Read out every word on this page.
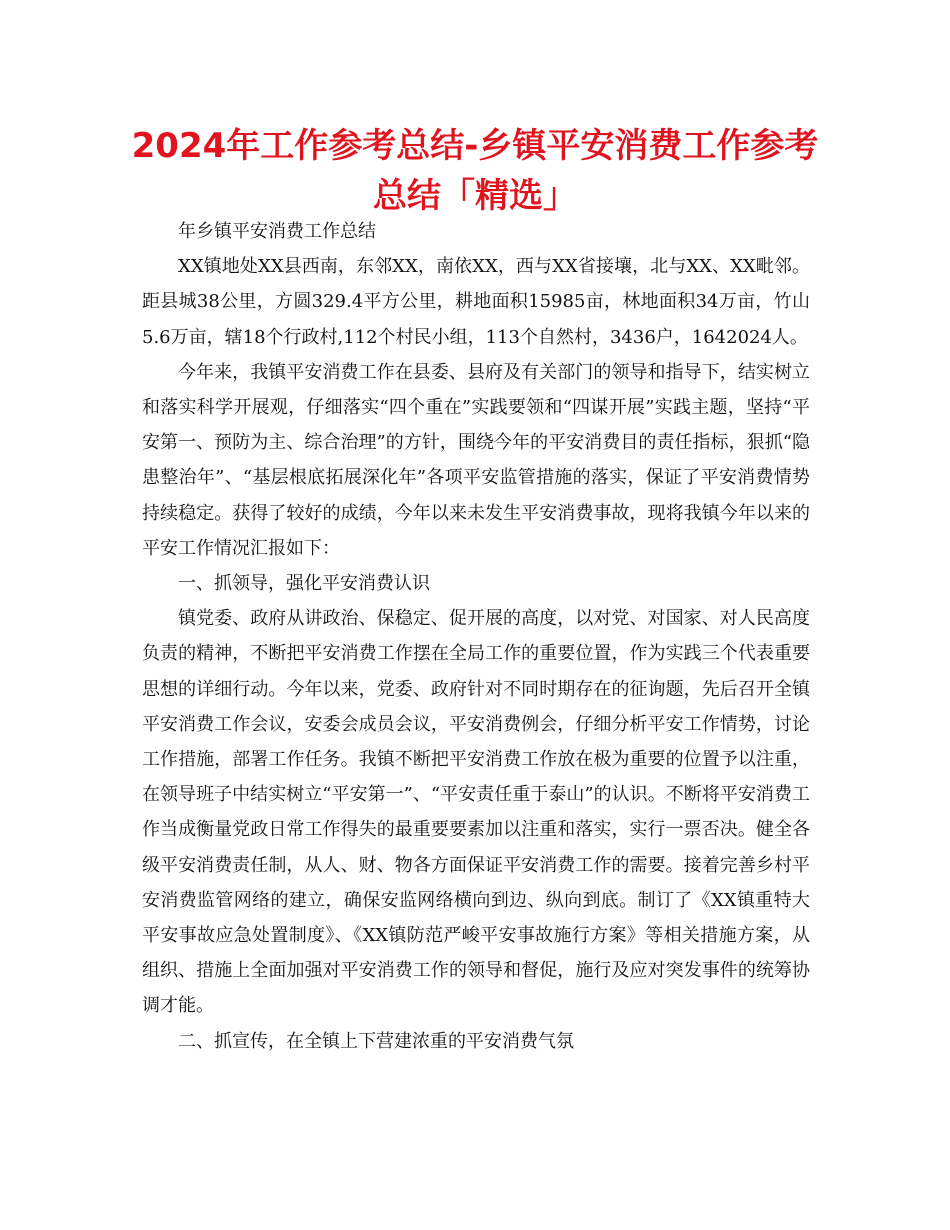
2024年工作参考总结-乡镇平安消费工作参考总结「精选」

年乡镇平安消费工作总结

XX镇地处XX县西南，东邻XX，南依XX，西与XX省接壤，北与XX、XX毗邻。距县城38公里，方圆329.4平方公里，耕地面积15985亩，林地面积34万亩，竹山5.6万亩，辖18个行政村,112个村民小组，113个自然村，3436户，1642024人。

今年来，我镇平安消费工作在县委、县府及有关部门的领导和指导下，结实树立和落实科学开展观，仔细落实“四个重在”实践要领和“四谋开展”实践主题，坚持“平安第一、预防为主、综合治理”的方针，围绕今年的平安消费目的责任指标，狠抓“隐患整治年”、“基层根底拓展深化年”各项平安监管措施的落实，保证了平安消费情势持续稳定。获得了较好的成绩，今年以来未发生平安消费事故，现将我镇今年以来的平安工作情况汇报如下：

一、抓领导，强化平安消费认识

镇党委、政府从讲政治、保稳定、促开展的高度，以对党、对国家、对人民高度负责的精神，不断把平安消费工作摆在全局工作的重要位置，作为实践三个代表重要思想的详细行动。今年以来，党委、政府针对不同时期存在的征询题，先后召开全镇平安消费工作会议，安委会成员会议，平安消费例会，仔细分析平安工作情势，讨论工作措施，部署工作任务。我镇不断把平安消费工作放在极为重要的位置予以注重，在领导班子中结实树立“平安第一”、“平安责任重于泰山”的认识。不断将平安消费工作当成衡量党政日常工作得失的最重要要素加以注重和落实，实行一票否决。健全各级平安消费责任制，从人、财、物各方面保证平安消费工作的需要。接着完善乡村平安消费监管网络的建立，确保安监网络横向到边、纵向到底。制订了《XX镇重特大平安事故应急处置制度》、《XX镇防范严峻平安事故施行方案》等相关措施方案，从组织、措施上全面加强对平安消费工作的领导和督促，施行及应对突发事件的统筹协调才能。

二、抓宣传，在全镇上下营建浓重的平安消费气氛
